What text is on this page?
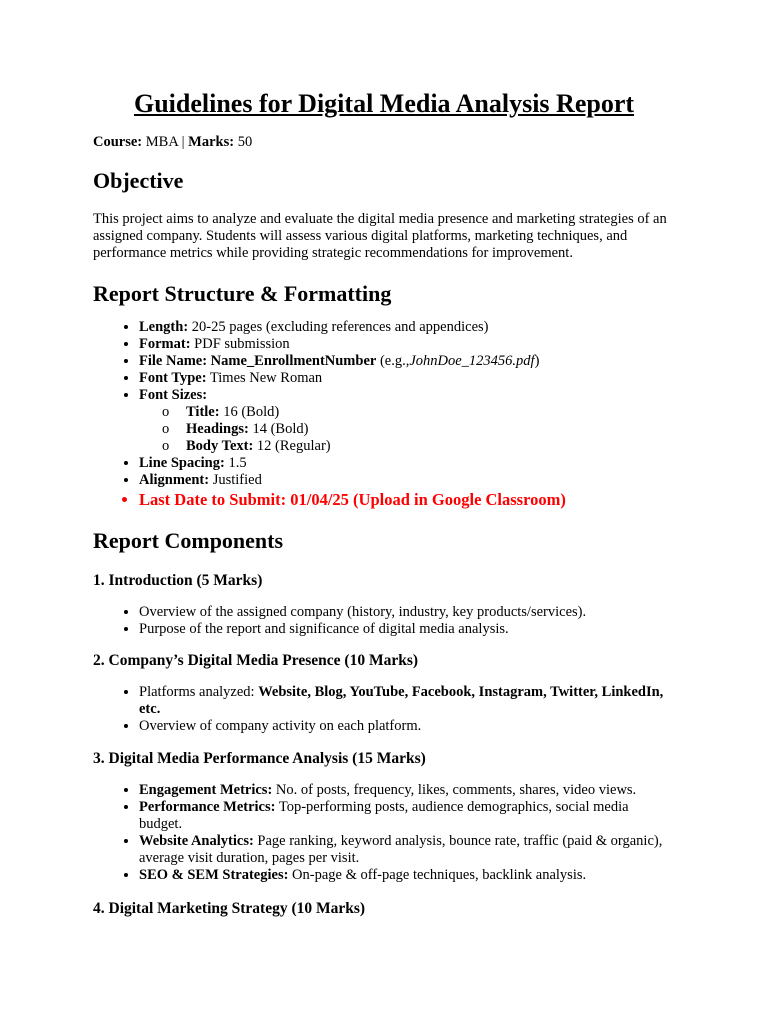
Guidelines for Digital Media Analysis Report
Course: MBA | Marks: 50
Objective

This project aims to analyze and evaluate the digital media presence and marketing strategies of an assigned company. Students will assess various digital platforms, marketing techniques, and performance metrics while providing strategic recommendations for improvement.

Report Structure & Formatting
• Length: 20-25 pages (excluding references and appendices)
• Format: PDF submission
• File Name: Name_EnrollmentNumber (e.g.,JohnDoe_123456.pdf)
• Font Type: Times New Roman
• Font Sizes:
o Title: 16 (Bold)
o Headings: 14 (Bold)
o Body Text: 12 (Regular)
• Line Spacing: 1.5
• Alignment: Justified
• Last Date to Submit: 01/04/25 (Upload in Google Classroom)
Report Components
1. Introduction (5 Marks)
• Overview of the assigned company (history, industry, key products/services).
• Purpose of the report and significance of digital media analysis.
2. Company’s Digital Media Presence (10 Marks)
• Platforms analyzed: Website, Blog, YouTube, Facebook, Instagram, Twitter, LinkedIn, etc.
• Overview of company activity on each platform.
3. Digital Media Performance Analysis (15 Marks)
• Engagement Metrics: No. of posts, frequency, likes, comments, shares, video views.
• Performance Metrics: Top-performing posts, audience demographics, social media budget.
• Website Analytics: Page ranking, keyword analysis, bounce rate, traffic (paid & organic), average visit duration, pages per visit.
• SEO & SEM Strategies: On-page & off-page techniques, backlink analysis.
4. Digital Marketing Strategy (10 Marks)
